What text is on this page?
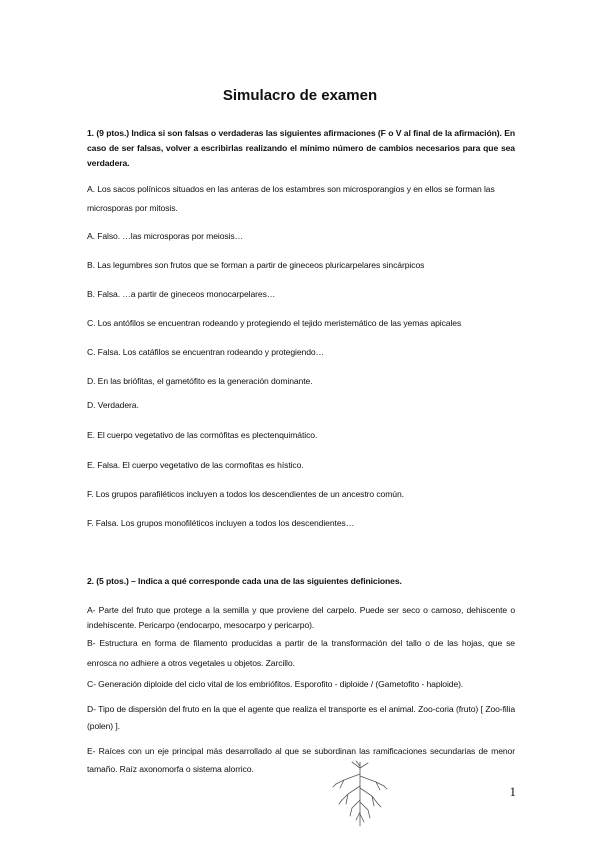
Simulacro de examen

1. (9 ptos.) Indica si son falsas o verdaderas las siguientes afirmaciones (F o V al final de la afirmación). En caso de ser falsas, volver a escribirlas realizando el mínimo número de cambios necesarios para que sea verdadera.

A. Los sacos polínicos situados en las anteras de los estambres son microsporangios y en ellos se forman las microsporas por mitosis.

A. Falso. …las microsporas por meiosis…

B. Las legumbres son frutos que se forman a partir de gineceos pluricarpelares sincárpicos

B. Falsa. …a partir de gineceos monocarpelares…

C. Los antófilos se encuentran rodeando y protegiendo el tejido meristemático de las yemas apicales

C. Falsa. Los catáfilos se encuentran rodeando y protegiendo…

D. En las briófitas, el gametófito es la generación dominante.

D. Verdadera.

E. El cuerpo vegetativo de las cormófitas es plectenquimático.

E. Falsa. El cuerpo vegetativo de las cormofitas es hístico.

F. Los grupos parafiléticos incluyen a todos los descendientes de un ancestro común.

F. Falsa. Los grupos monofiléticos incluyen a todos los descendientes…

2. (5 ptos.) – Indica a qué corresponde cada una de las siguientes definiciones.

A- Parte del fruto que protege a la semilla y que proviene del carpelo. Puede ser seco o carnoso, dehiscente o indehiscente. Pericarpo (endocarpo, mesocarpo y pericarpo).

B- Estructura en forma de filamento producidas a partir de la transformación del tallo o de las hojas, que se enrosca no adhiere a otros vegetales u objetos. Zarcillo.

C- Generación diploide del ciclo vital de los embriófitos. Esporofito - diploide / (Gametofito - haploide).

D- Tipo de dispersión del fruto en la que el agente que realiza el transporte es el animal. Zoo-coria (fruto) [ Zoo-filia (polen) ].

E- Raíces con un eje principal más desarrollado al que se subordinan las ramificaciones secundarias de menor tamaño. Raíz axonomorfa o sistema alorrico.

1
